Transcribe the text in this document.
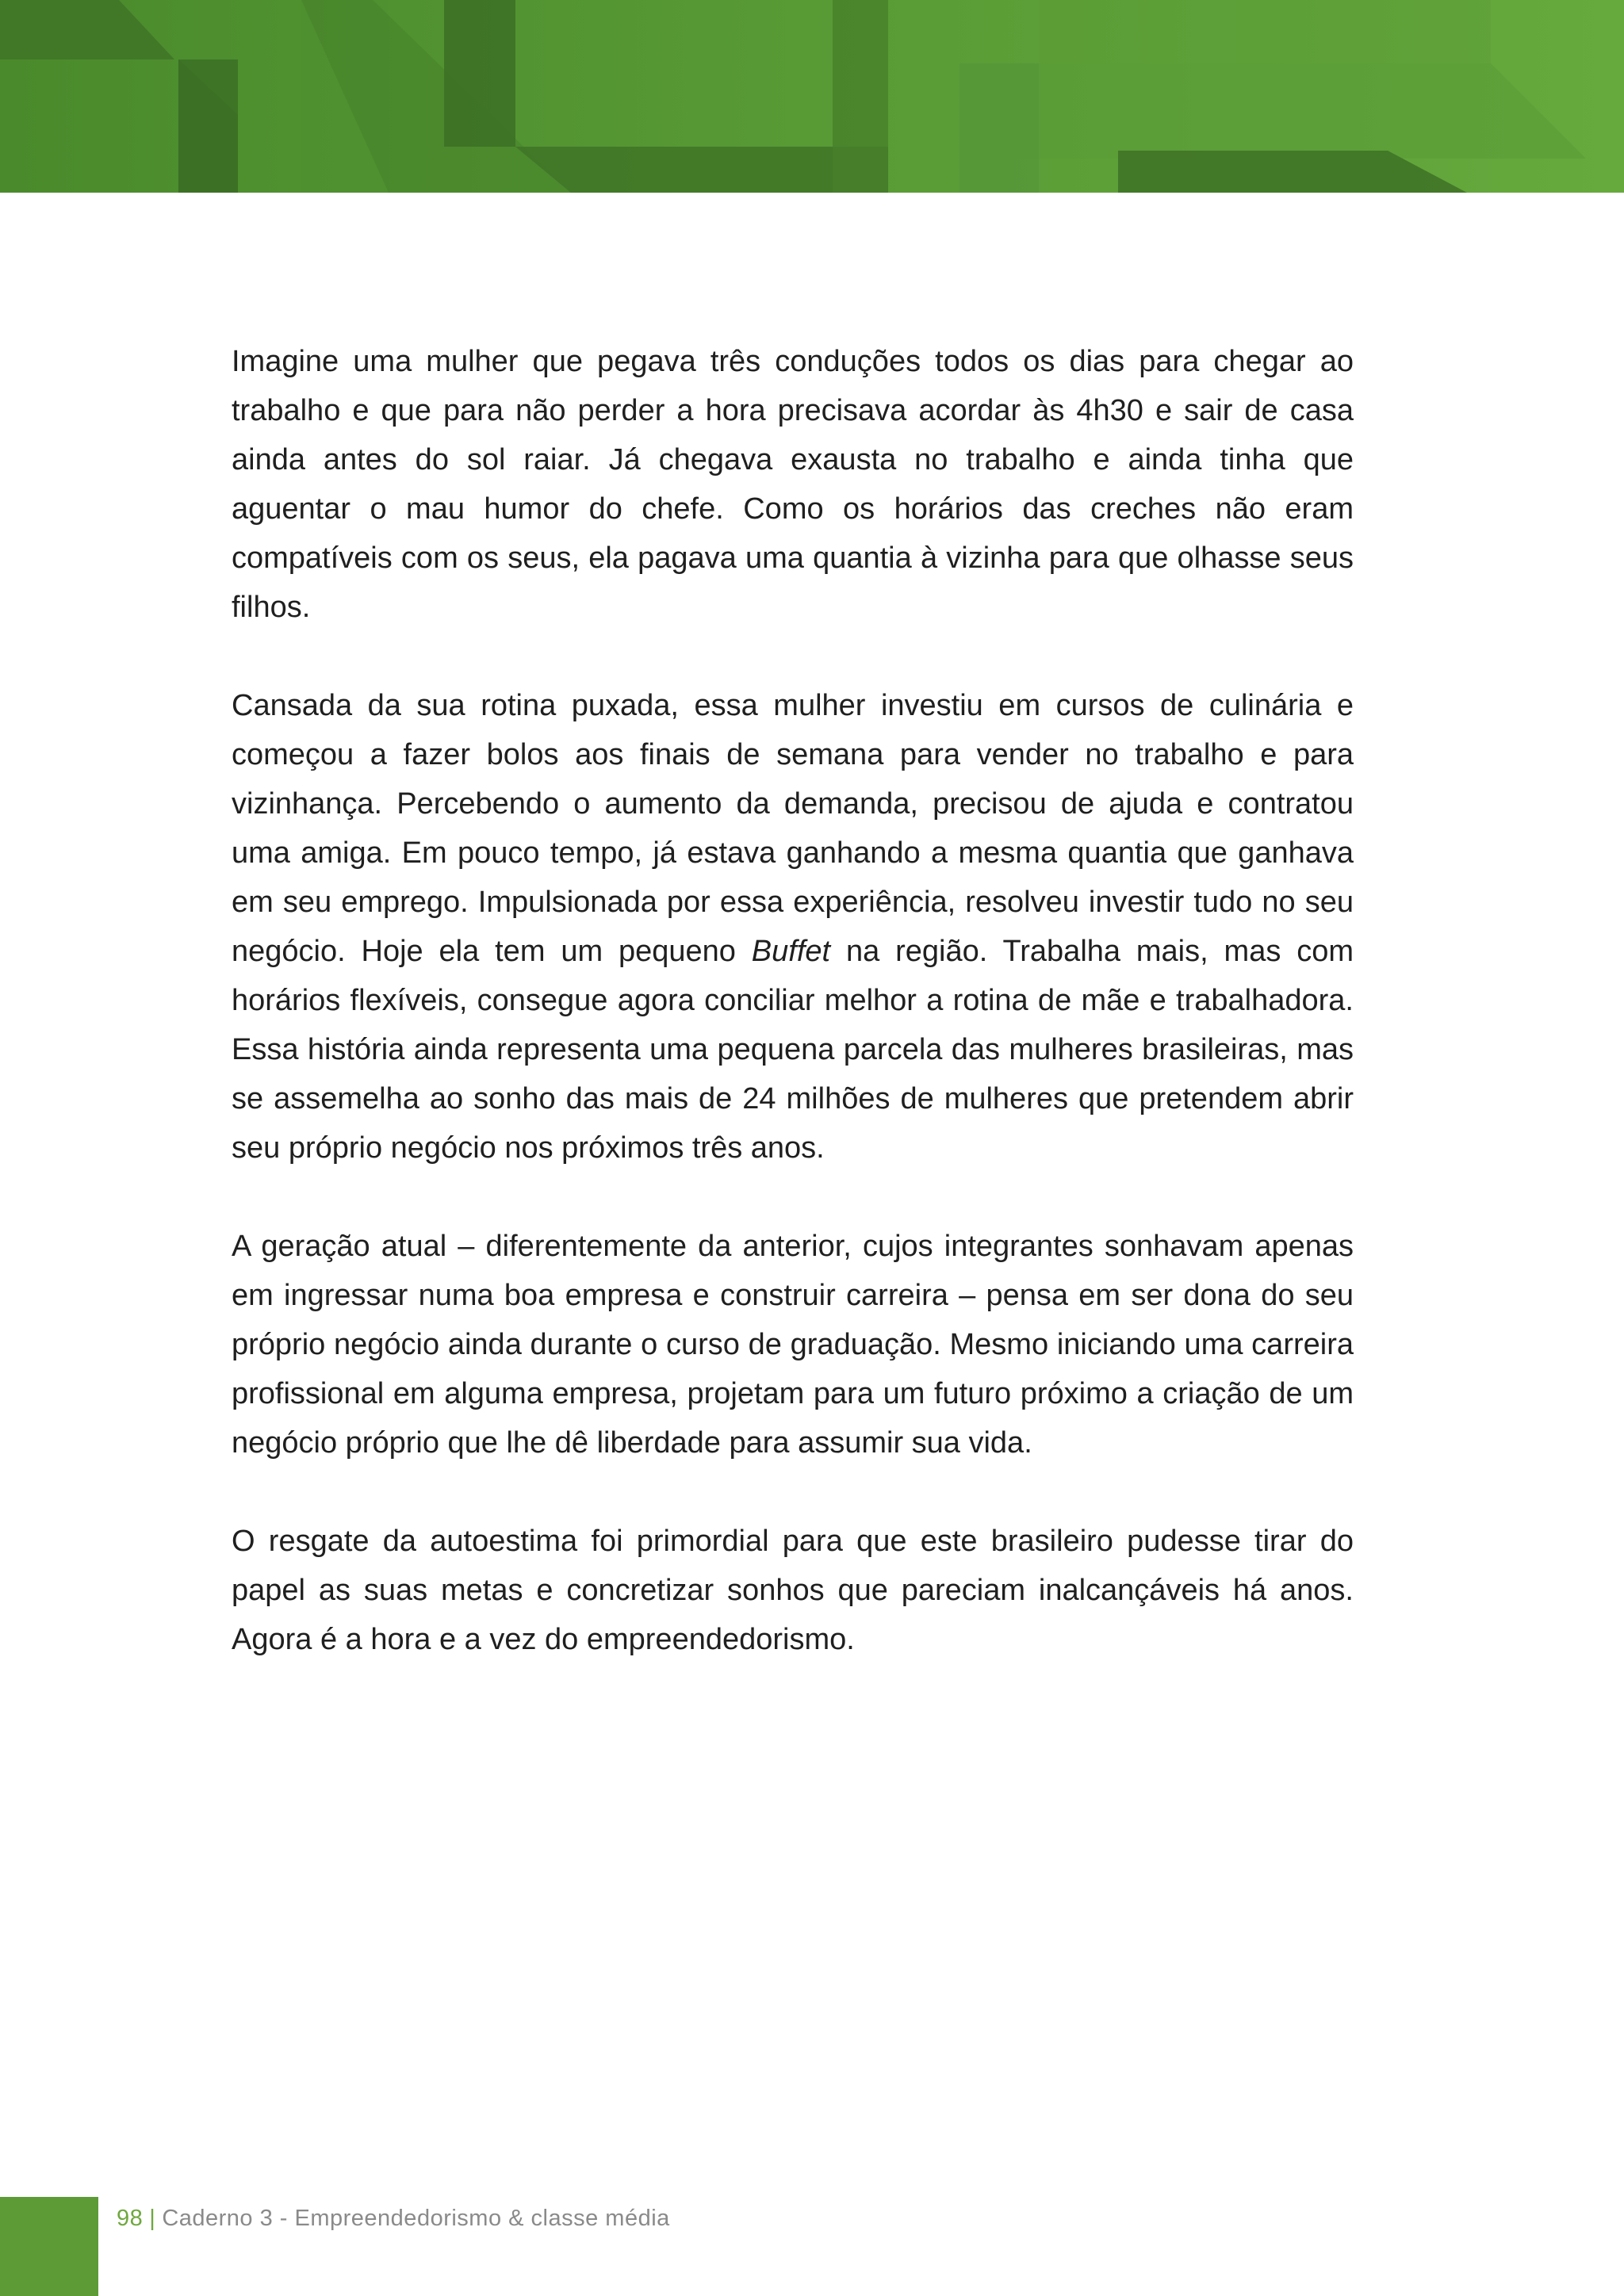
Imagine uma mulher que pegava três conduções todos os dias para chegar ao trabalho e que para não perder a hora precisava acordar às 4h30 e sair de casa ainda antes do sol raiar. Já chegava exausta no trabalho e ainda tinha que aguentar o mau humor do chefe. Como os horários das creches não eram compatíveis com os seus, ela pagava uma quantia à vizinha para que olhasse seus filhos.

Cansada da sua rotina puxada, essa mulher investiu em cursos de culinária e começou a fazer bolos aos finais de semana para vender no trabalho e para vizinhança. Percebendo o aumento da demanda, precisou de ajuda e contratou uma amiga. Em pouco tempo, já estava ganhando a mesma quantia que ganhava em seu emprego. Impulsionada por essa experiência, resolveu investir tudo no seu negócio. Hoje ela tem um pequeno Buffet na região. Trabalha mais, mas com horários flexíveis, consegue agora conciliar melhor a rotina de mãe e trabalhadora. Essa história ainda representa uma pequena parcela das mulheres brasileiras, mas se assemelha ao sonho das mais de 24 milhões de mulheres que pretendem abrir seu próprio negócio nos próximos três anos.

A geração atual – diferentemente da anterior, cujos integrantes sonhavam apenas em ingressar numa boa empresa e construir carreira – pensa em ser dona do seu próprio negócio ainda durante o curso de graduação. Mesmo iniciando uma carreira profissional em alguma empresa, projetam para um futuro próximo a criação de um negócio próprio que lhe dê liberdade para assumir sua vida.

O resgate da autoestima foi primordial para que este brasileiro pudesse tirar do papel as suas metas e concretizar sonhos que pareciam inalcançáveis há anos. Agora é a hora e a vez do empreendedorismo.

98 | Caderno 3 - Empreendedorismo & classe média
